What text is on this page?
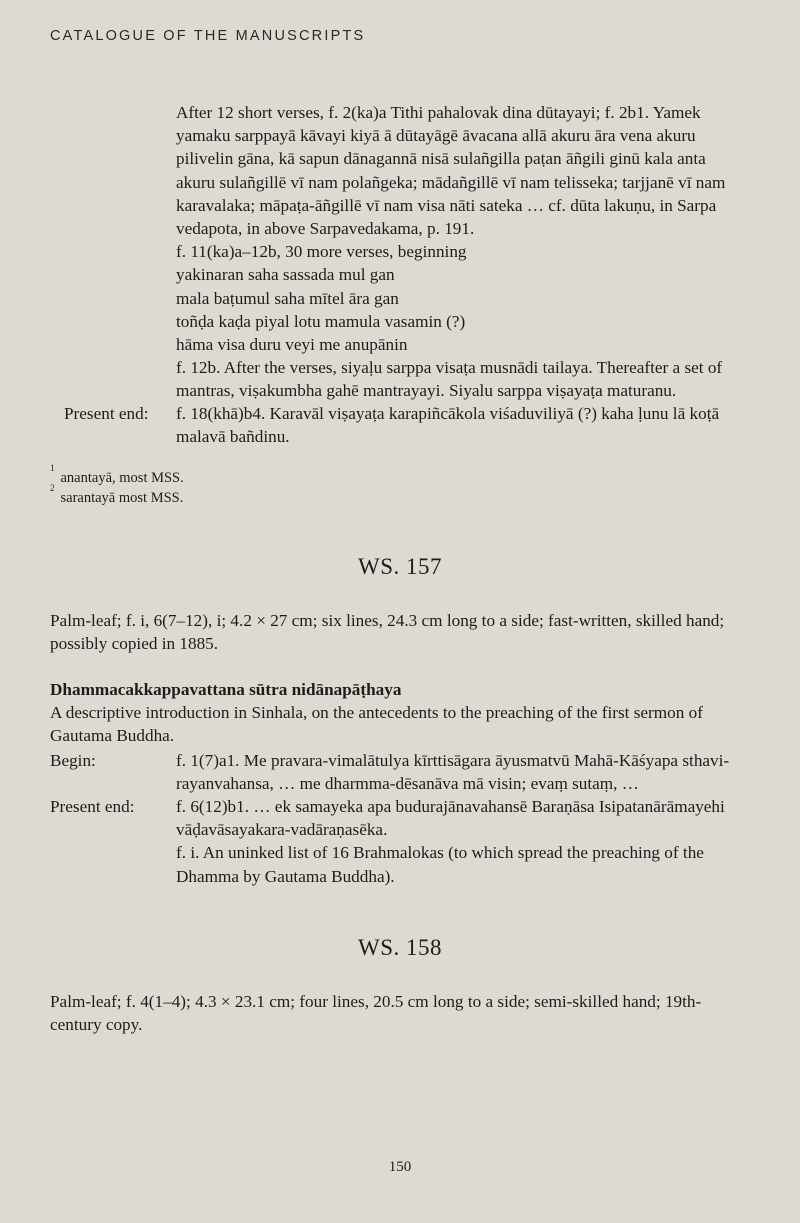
CATALOGUE OF THE MANUSCRIPTS

After 12 short verses, f. 2(ka)a Tithi pahalovak dina dūtayayi; f. 2b1. Yamek

yamaku sarppayā kāvayi kiyā ā dūtayāgē āvacana allā akuru āra vena akuru

pilivelin gāna, kā sapun dānagannā nisā sulañgilla paṭan āñgili ginū kala anta

akuru sulañgillē vī nam polañgeka; mādañgillē vī nam telisseka; tarjjanē vī nam

karavalaka; māpaṭa-āñgillē vī nam visa nāti sateka … cf. dūta lakuṇu, in Sarpa

vedapota, in above Sarpavedakama, p. 191.

f. 11(ka)a–12b, 30 more verses, beginning

yakinaran saha sassada mul gan

mala baṭumul saha mītel āra gan

toñḍa kaḍa piyal lotu mamula vasamin (?)

hāma visa duru veyi me anupānin

f. 12b. After the verses, siyaḷu sarppa visaṭa musnādi tailaya. Thereafter a set of

mantras, viṣakumbha gahē mantrayayi. Siyalu sarppa viṣayaṭa maturanu.

Present end: f. 18(khā)b4. Karavāl viṣayaṭa karapiñcākola viśaduviliyā (?) kaha ḷunu lā koṭā

malavā bañdinu.

$^1$anantayā, most MSS.
$^2$sarantayā most MSS.
WS. 157

Palm-leaf; f. i, 6(7–12), i; 4.2 × 27 cm; six lines, 24.3 cm long to a side; fast-written, skilled hand;

possibly copied in 1885.

Dhammacakkappavattana sūtra nidānapāṭhaya

A descriptive introduction in Sinhala, on the antecedents to the preaching of the first sermon of

Gautama Buddha.

Begin:	f. 1(7)a1. Me pravara-vimalātulya kīrttisāgara āyusmatvū Mahā-Kāśyapa sthavi-

rayanvahansa, … me dharmma-dēsanāva mā visin; evaṃ sutaṃ, …

Present end: f. 6(12)b1. … ek samayeka apa budurajānavahansē Baraṇāsa Isipatanārāmayehi

vāḍavāsayakara-vadāraṇasēka.

f. i. An uninked list of 16 Brahmalokas (to which spread the preaching of the

Dhamma by Gautama Buddha).

WS. 158

Palm-leaf; f. 4(1–4); 4.3 × 23.1 cm; four lines, 20.5 cm long to a side; semi-skilled hand; 19th-

century copy.

150
